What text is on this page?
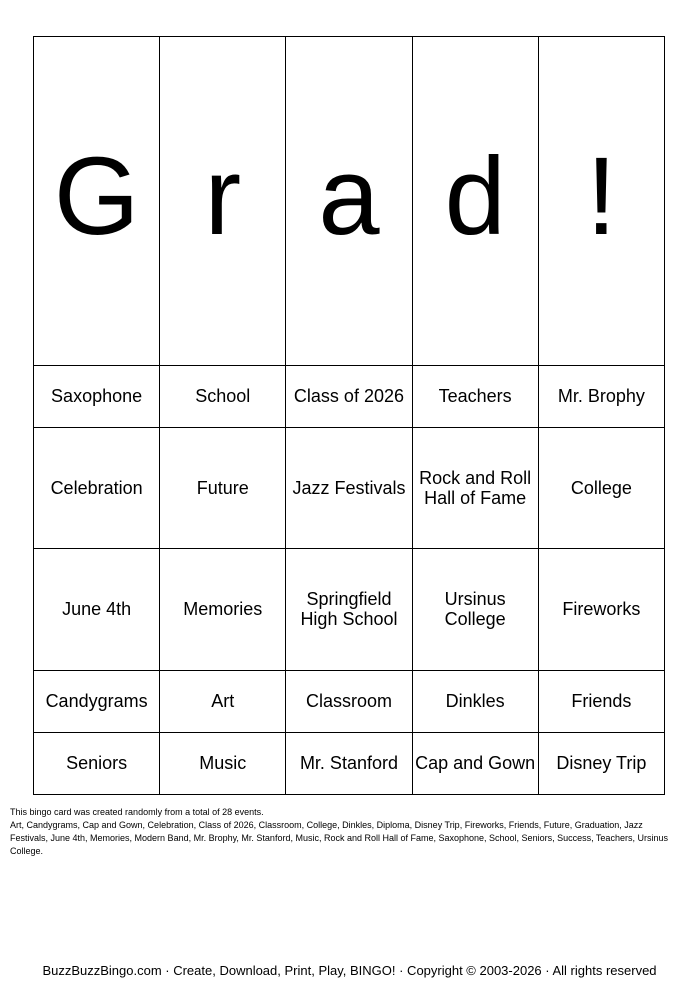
G	r	a	d	!

Saxophone	School	Class of 2026	Teachers	Mr. Brophy
Celebration	Future	Jazz Festivals	Rock and Roll Hall of Fame	College
June 4th	Memories	Springfield High School	Ursinus College	Fireworks
Candygrams	Art	Classroom	Dinkles	Friends
Seniors	Music	Mr. Stanford	Cap and Gown	Disney Trip

This bingo card was created randomly from a total of 28 events.

Art, Candygrams, Cap and Gown, Celebration, Class of 2026, Classroom, College, Dinkles, Diploma, Disney Trip, Fireworks, Friends, Future, Graduation, Jazz Festivals, June 4th, Memories, Modern Band, Mr. Brophy, Mr. Stanford, Music, Rock and Roll Hall of Fame, Saxophone, School, Seniors, Success, Teachers, Ursinus College.

BuzzBuzzBingo.com · Create, Download, Print, Play, BINGO! · Copyright © 2003-2026 · All rights reserved
